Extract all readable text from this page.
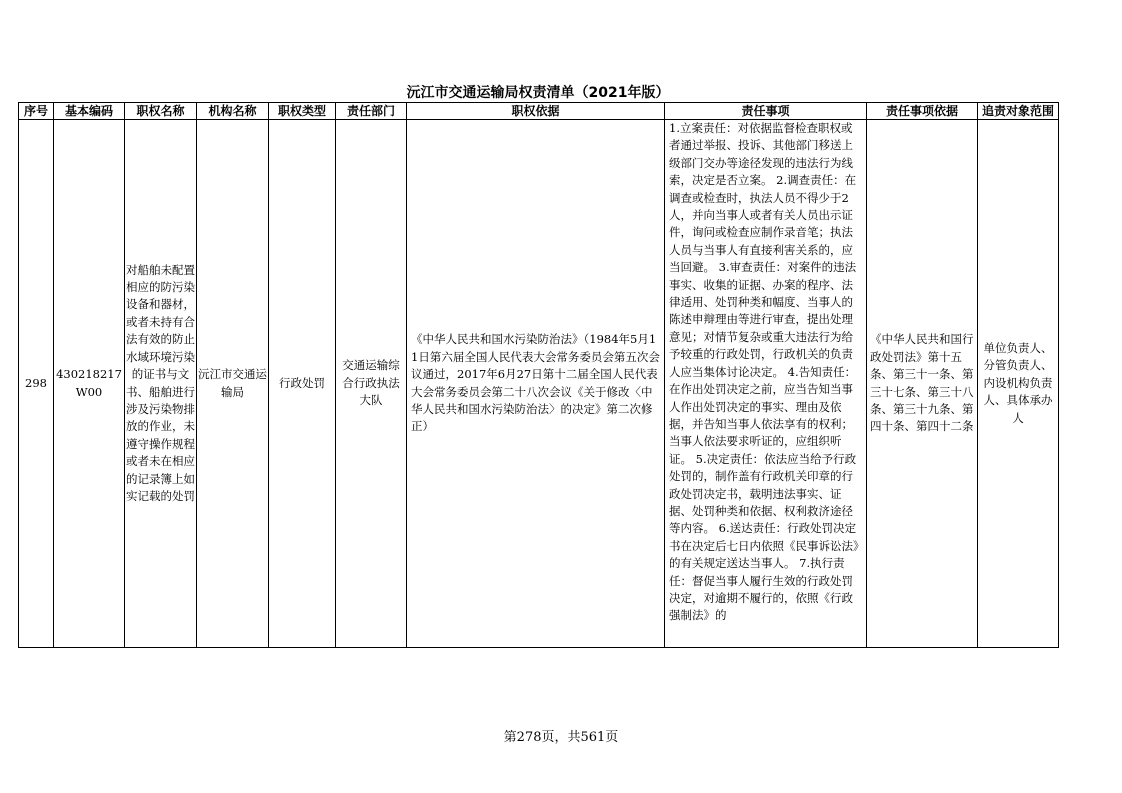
沅江市交通运输局权责清单（2021年版）
序号	基本编码	职权名称	机构名称	职权类型	责任部门	职权依据	责任事项	责任事项依据	追责对象范围
298	430218217W00	对船舶未配置相应的防污染设备和器材，或者未持有合法有效的防止水域环境污染的证书与文书、船舶进行涉及污染物排放的作业，未遵守操作规程或者未在相应的记录簿上如实记载的处罚	沅江市交通运输局	行政处罚	交通运输综合行政执法大队	《中华人民共和国水污染防治法》（1984年5月11日第六届全国人民代表大会常务委员会第五次会议通过，2017年6月27日第十二届全国人民代表大会常务委员会第二十八次会议《关于修改〈中华人民共和国水污染防治法〉的决定》第二次修正）	1.立案责任：对依据监督检查职权或者通过举报、投诉、其他部门移送上级部门交办等途径发现的违法行为线索，决定是否立案。 2.调查责任：在调查或检查时，执法人员不得少于2人，并向当事人或者有关人员出示证件，询问或检查应制作录音笔；执法人员与当事人有直接利害关系的，应当回避。 3.审查责任：对案件的违法事实、收集的证据、办案的程序、法律适用、处罚种类和幅度、当事人的陈述申辩理由等进行审查，提出处理意见；对情节复杂或重大违法行为给予较重的行政处罚，行政机关的负责人应当集体讨论决定。 4.告知责任：在作出处罚决定之前，应当告知当事人作出处罚决定的事实、理由及依据，并告知当事人依法享有的权利；当事人依法要求听证的，应组织听证。 5.决定责任：依法应当给予行政处罚的，制作盖有行政机关印章的行政处罚决定书，载明违法事实、证据、处罚种类和依据、权利救济途径等内容。 6.送达责任：行政处罚决定书在决定后七日内依照《民事诉讼法》的有关规定送达当事人。 7.执行责任：督促当事人履行生效的行政处罚决定，对逾期不履行的，依照《行政强制法》的	《中华人民共和国行政处罚法》第十五条、第三十一条、第三十七条、第三十八条、第三十九条、第四十条、第四十二条	单位负责人、分管负责人、内设机构负责人、具体承办人
第278页，共561页
